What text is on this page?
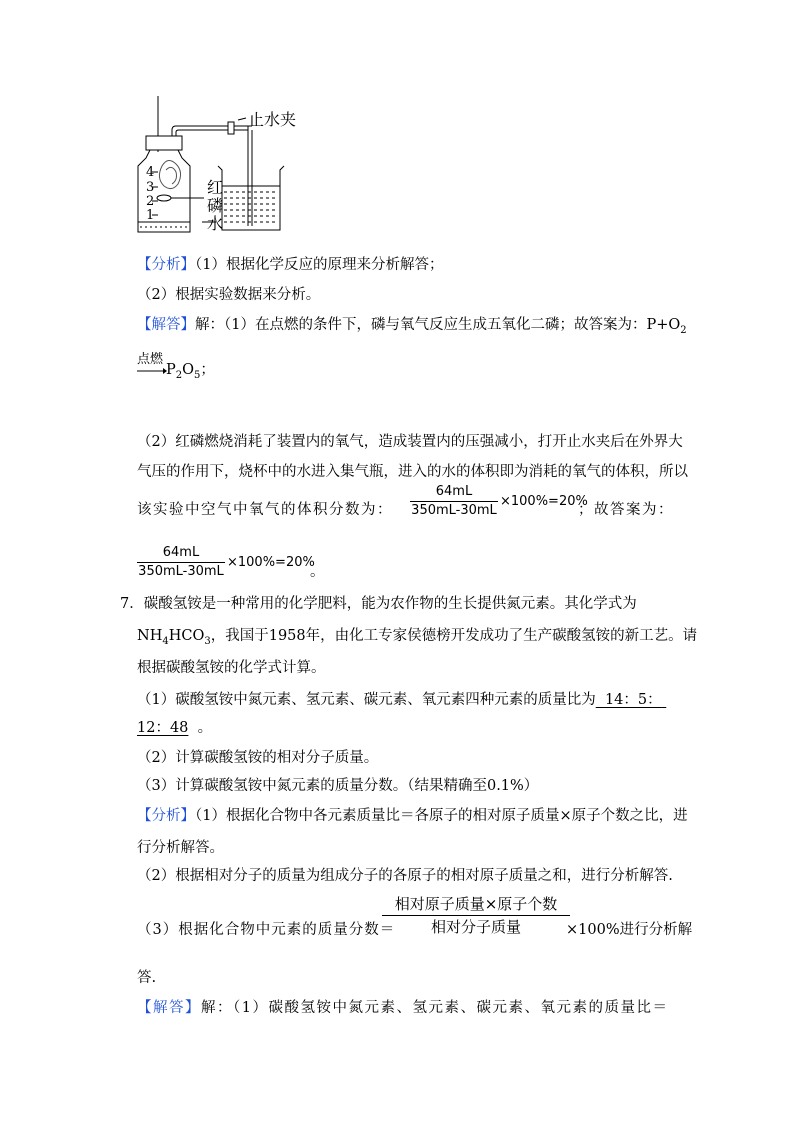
止水夹
红
磷
水
4
3
2
1
【分析】（1）根据化学反应的原理来分析解答；
（2）根据实验数据来分析。
【解答】解：（1）在点燃的条件下，磷与氧气反应生成五氧化二磷；故答案为：$P+O_2$
点燃
→ $P_2O_5$；
（2）红磷燃烧消耗了装置内的氧气，造成装置内的压强减小，打开止水夹后在外界大
气压的作用下，烧杯中的水进入集气瓶，进入的水的体积即为消耗的氧气的体积，所以
该实验中空气中氧气的体积分数为：
64mL
350mL-30mL
×100%=20%
；故答案为：
64mL
350mL-30mL
×100%=20%
。
7．碳酸氢铵是一种常用的化学肥料，能为农作物的生长提供氮元素。其化学式为
$NH_4HCO_3$，我国于1958年，由化工专家侯德榜开发成功了生产碳酸氢铵的新工艺。请
根据碳酸氢铵的化学式计算。
（1）碳酸氢铵中氮元素、氢元素、碳元素、氧元素四种元素的质量比为 14：5：
12：48 。
（2）计算碳酸氢铵的相对分子质量。
（3）计算碳酸氢铵中氮元素的质量分数。（结果精确至0.1%）
【分析】（1）根据化合物中各元素质量比＝各原子的相对原子质量×原子个数之比，进
行分析解答。
（2）根据相对分子的质量为组成分子的各原子的相对原子质量之和，进行分析解答.
（3）根据化合物中元素的质量分数＝
相对原子质量×原子个数
相对分子质量	×100%进行分析解
答.
【解答】解：（1）碳酸氢铵中氮元素、氢元素、碳元素、氧元素的质量比＝
